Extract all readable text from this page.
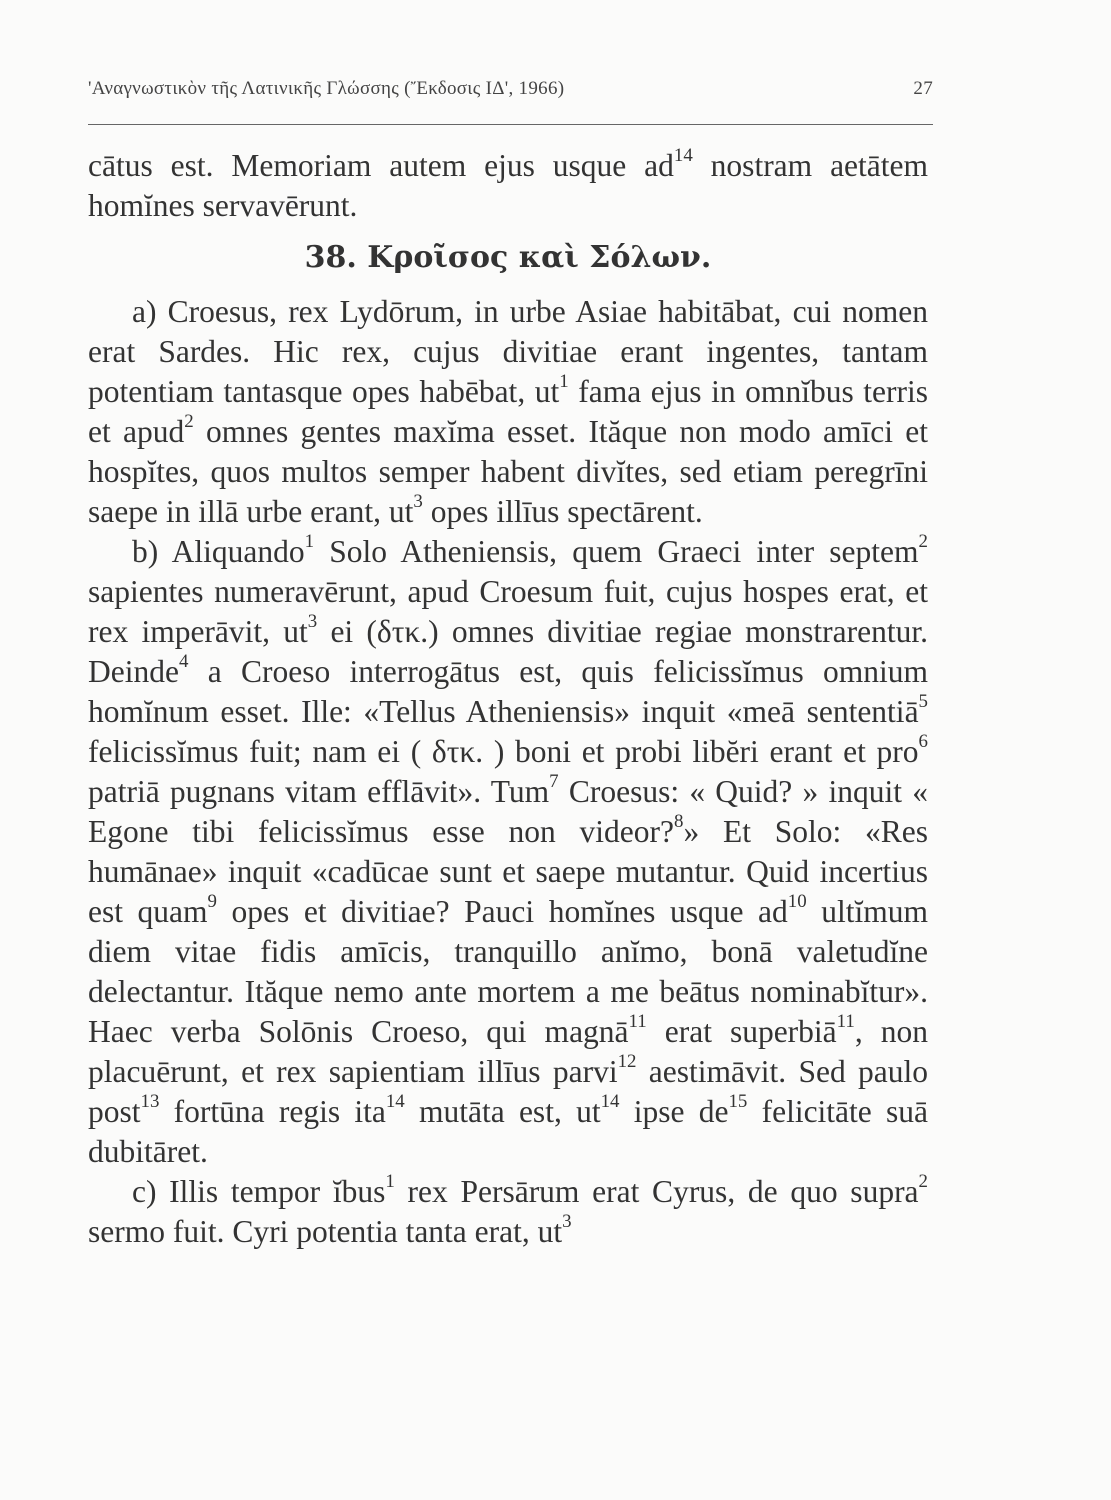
'Αναγνωστικὸν τῆς Λατινικῆς Γλώσσης (Ἔκδοσις ΙΔ', 1966)	27

cātus est. Memoriam autem ejus usque $ad^{14}$ nostram aetātem homĭnes servavērunt.

38. Κροῖσος καὶ Σόλων.

a) Croesus, rex Lydōrum, in urbe Asiae habitābat, cui nomen erat Sardes. Hic rex, cujus divitiae erant ingentes, tantam potentiam tantasque opes habēbat, $ut^1$ fama ejus in omnĭbus terris et apud$^2$ omnes gentes maxĭma esset. Ităque non modo amīci et hospĭtes, quos multos semper habent divĭtes, sed etiam peregrīni saepe in illā urbe erant, $ut^3$ opes illīus spectārent.

b) Aliquando$^1$ Solo Atheniensis, quem Graeci inter septem$^2$ sapientes numeravērunt, apud Croesum fuit, cujus hospes erat, et rex imperāvit, $ut^3$ ei (δτκ.) omnes divitiae regiae monstrarentur. Deinde$^4$ a Croeso interrogātus est, quis felicissĭmus omnium homĭnum esset. Ille: «Tellus Atheniensis» inquit «meā sententiā$^5$ felicissĭmus fuit; nam ei ( δτκ. ) boni et probi libĕri erant et pro$^6$ patriā pugnans vitam efflāvit». Tum$^7$ Croesus: « Quid? » inquit « Egone tibi felicissĭmus esse non videor?$^8$» Et Solo: «Res humānae» inquit «cadūcae sunt et saepe mutantur. Quid incertius est quam$^9$ opes et divitiae? Pauci homĭnes usque $ad^{10}$ ultĭmum diem vitae fidis amīcis, tranquillo anĭmo, bonā valetudĭne delectantur. Ităque nemo ante mortem a me beātus nominabĭtur». Haec verba Solōnis Croeso, qui magnā$^{11}$ erat superbiā$^{11}$, non placuērunt, et rex sapientiam illīus parvi$^{12}$ aestimāvit. Sed paulo post$^{13}$ fortūna regis ita$^{14}$ mutāta est, $ut^{14}$ ipse $de^{15}$ felicitāte suā dubitāret.

c) Illis tempor ĭbus$^1$ rex Persārum erat Cyrus, de quo supra$^2$ sermo fuit. Cyri potentia tanta erat, $ut^3$
